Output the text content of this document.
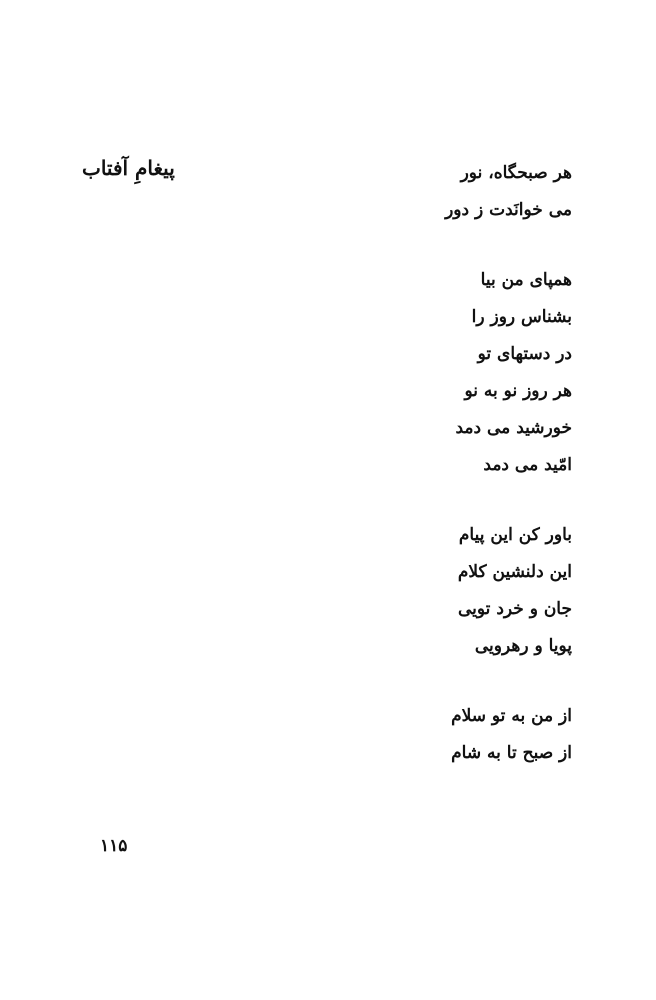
پیغامِ آفتاب	هر صبحگاه، نور
می خوانَدت ز دور
همپای من بیا
بشناس روز را
در دستهای تو
هر روز نو به نو
خورشید می دمد
امّید می دمد
باور کن این پیام
این دلنشین کلام
جان و خرد تویی
پویا و رهرویی
از من به تو سلام
از صبح تا به شام
۱۱۵
